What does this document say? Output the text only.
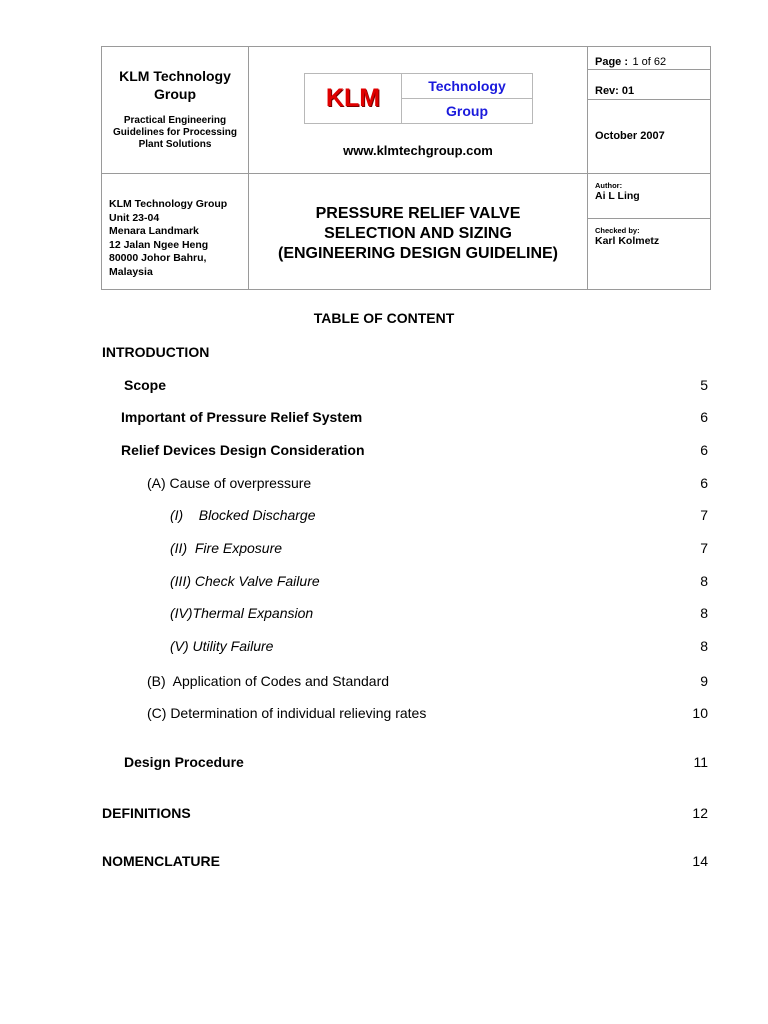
KLM Technology Group
Practical Engineering Guidelines for Processing Plant Solutions
KLM	Technology
Group
www.klmtechgroup.com
Page : 1 of 62
Rev: 01
October 2007
KLM Technology Group
Unit 23-04
Menara Landmark
12 Jalan Ngee Heng
80000 Johor Bahru,
Malaysia
PRESSURE RELIEF VALVE
SELECTION AND SIZING
(ENGINEERING DESIGN GUIDELINE)
Author:
Ai L Ling
Checked by:
Karl Kolmetz
TABLE OF CONTENT
INTRODUCTION
Scope	5
Important of Pressure Relief System	6
Relief Devices Design Consideration	6
(A) Cause of overpressure	6
(I)    Blocked Discharge	7
(II)  Fire Exposure	7
(III) Check Valve Failure	8
(IV)Thermal Expansion	8
(V) Utility Failure	8
(B)  Application of Codes and Standard	9
(C) Determination of individual relieving rates	10
Design Procedure	11
DEFINITIONS	12
NOMENCLATURE	14
